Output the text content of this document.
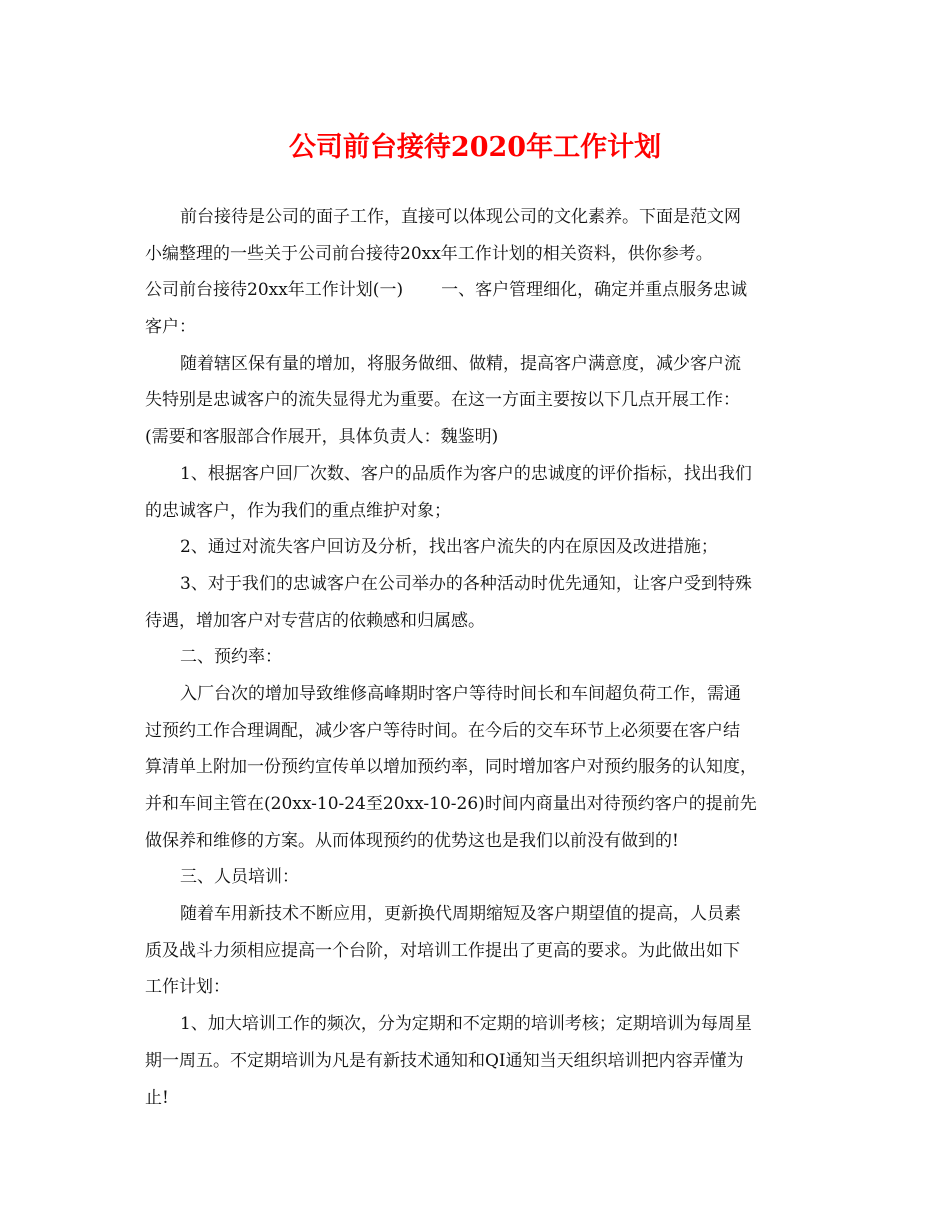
公司前台接待2020年工作计划
前台接待是公司的面子工作，直接可以体现公司的文化素养。下面是范文网
小编整理的一些关于公司前台接待20xx年工作计划的相关资料，供你参考。
公司前台接待20xx年工作计划(一) 一、客户管理细化，确定并重点服务忠诚
客户：
随着辖区保有量的增加，将服务做细、做精，提高客户满意度，减少客户流
失特别是忠诚客户的流失显得尤为重要。在这一方面主要按以下几点开展工作：
(需要和客服部合作展开，具体负责人：魏鉴明)
1、根据客户回厂次数、客户的品质作为客户的忠诚度的评价指标，找出我们
的忠诚客户，作为我们的重点维护对象；
2、通过对流失客户回访及分析，找出客户流失的内在原因及改进措施；
3、对于我们的忠诚客户在公司举办的各种活动时优先通知，让客户受到特殊
待遇，增加客户对专营店的依赖感和归属感。
二、预约率：
入厂台次的增加导致维修高峰期时客户等待时间长和车间超负荷工作，需通
过预约工作合理调配，减少客户等待时间。在今后的交车环节上必须要在客户结
算清单上附加一份预约宣传单以增加预约率，同时增加客户对预约服务的认知度，
并和车间主管在(20xx-10-24至20xx-10-26)时间内商量出对待预约客户的提前先
做保养和维修的方案。从而体现预约的优势这也是我们以前没有做到的!
三、人员培训：
随着车用新技术不断应用，更新换代周期缩短及客户期望值的提高，人员素
质及战斗力须相应提高一个台阶，对培训工作提出了更高的要求。为此做出如下
工作计划：
1、加大培训工作的频次，分为定期和不定期的培训考核；定期培训为每周星
期一周五。不定期培训为凡是有新技术通知和QI通知当天组织培训把内容弄懂为
止!
